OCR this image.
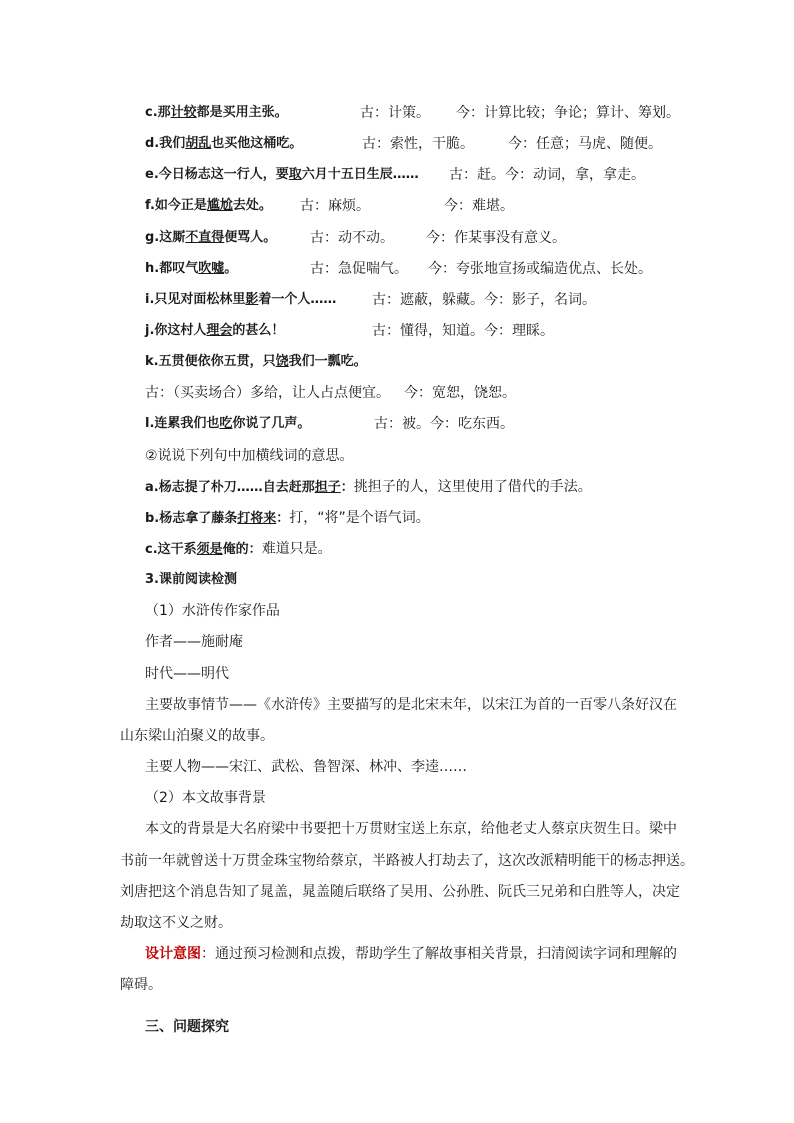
c.那计较都是买用主张。	古：计策。 今：计算比较；争论；算计、筹划。
d.我们胡乱也买他这桶吃。	古：索性，干脆。 今：任意；马虎、随便。
e.今日杨志这一行人，要取六月十五日生辰…… 古：赶。今：动词，拿，拿走。
f.如今正是尴尬去处。 古：麻烦。	今：难堪。
g.这厮不直得便骂人。 古：动不动。 今：作某事没有意义。
h.都叹气吹嘘。	古：急促喘气。 今：夸张地宣扬或编造优点、长处。
i.只见对面松林里影着一个人……	古：遮蔽，躲藏。今：影子，名词。
j.你这村人理会的甚么！	古：懂得，知道。今：理睬。
k.五贯便依你五贯，只饶我们一瓢吃。
古：（买卖场合）多给，让人占点便宜。 今：宽恕，饶恕。
l.连累我们也吃你说了几声。	古：被。今：吃东西。
②说说下列句中加横线词的意思。
a.杨志提了朴刀……自去赶那担子：挑担子的人，这里使用了借代的手法。
b.杨志拿了藤条打将来：打，“将”是个语气词。
c.这干系须是俺的：难道只是。
3.课前阅读检测
（1）水浒传作家作品
作者——施耐庵
时代——明代
主要故事情节——《水浒传》主要描写的是北宋末年，以宋江为首的一百零八条好汉在
山东梁山泊聚义的故事。
主要人物——宋江、武松、鲁智深、林冲、李逵……
（2）本文故事背景
本文的背景是大名府梁中书要把十万贯财宝送上东京，给他老丈人蔡京庆贺生日。梁中
书前一年就曾送十万贯金珠宝物给蔡京，半路被人打劫去了，这次改派精明能干的杨志押送。
刘唐把这个消息告知了晁盖，晁盖随后联络了吴用、公孙胜、阮氏三兄弟和白胜等人，决定
劫取这不义之财。
设计意图：通过预习检测和点拨，帮助学生了解故事相关背景，扫清阅读字词和理解的
障碍。
三、问题探究
